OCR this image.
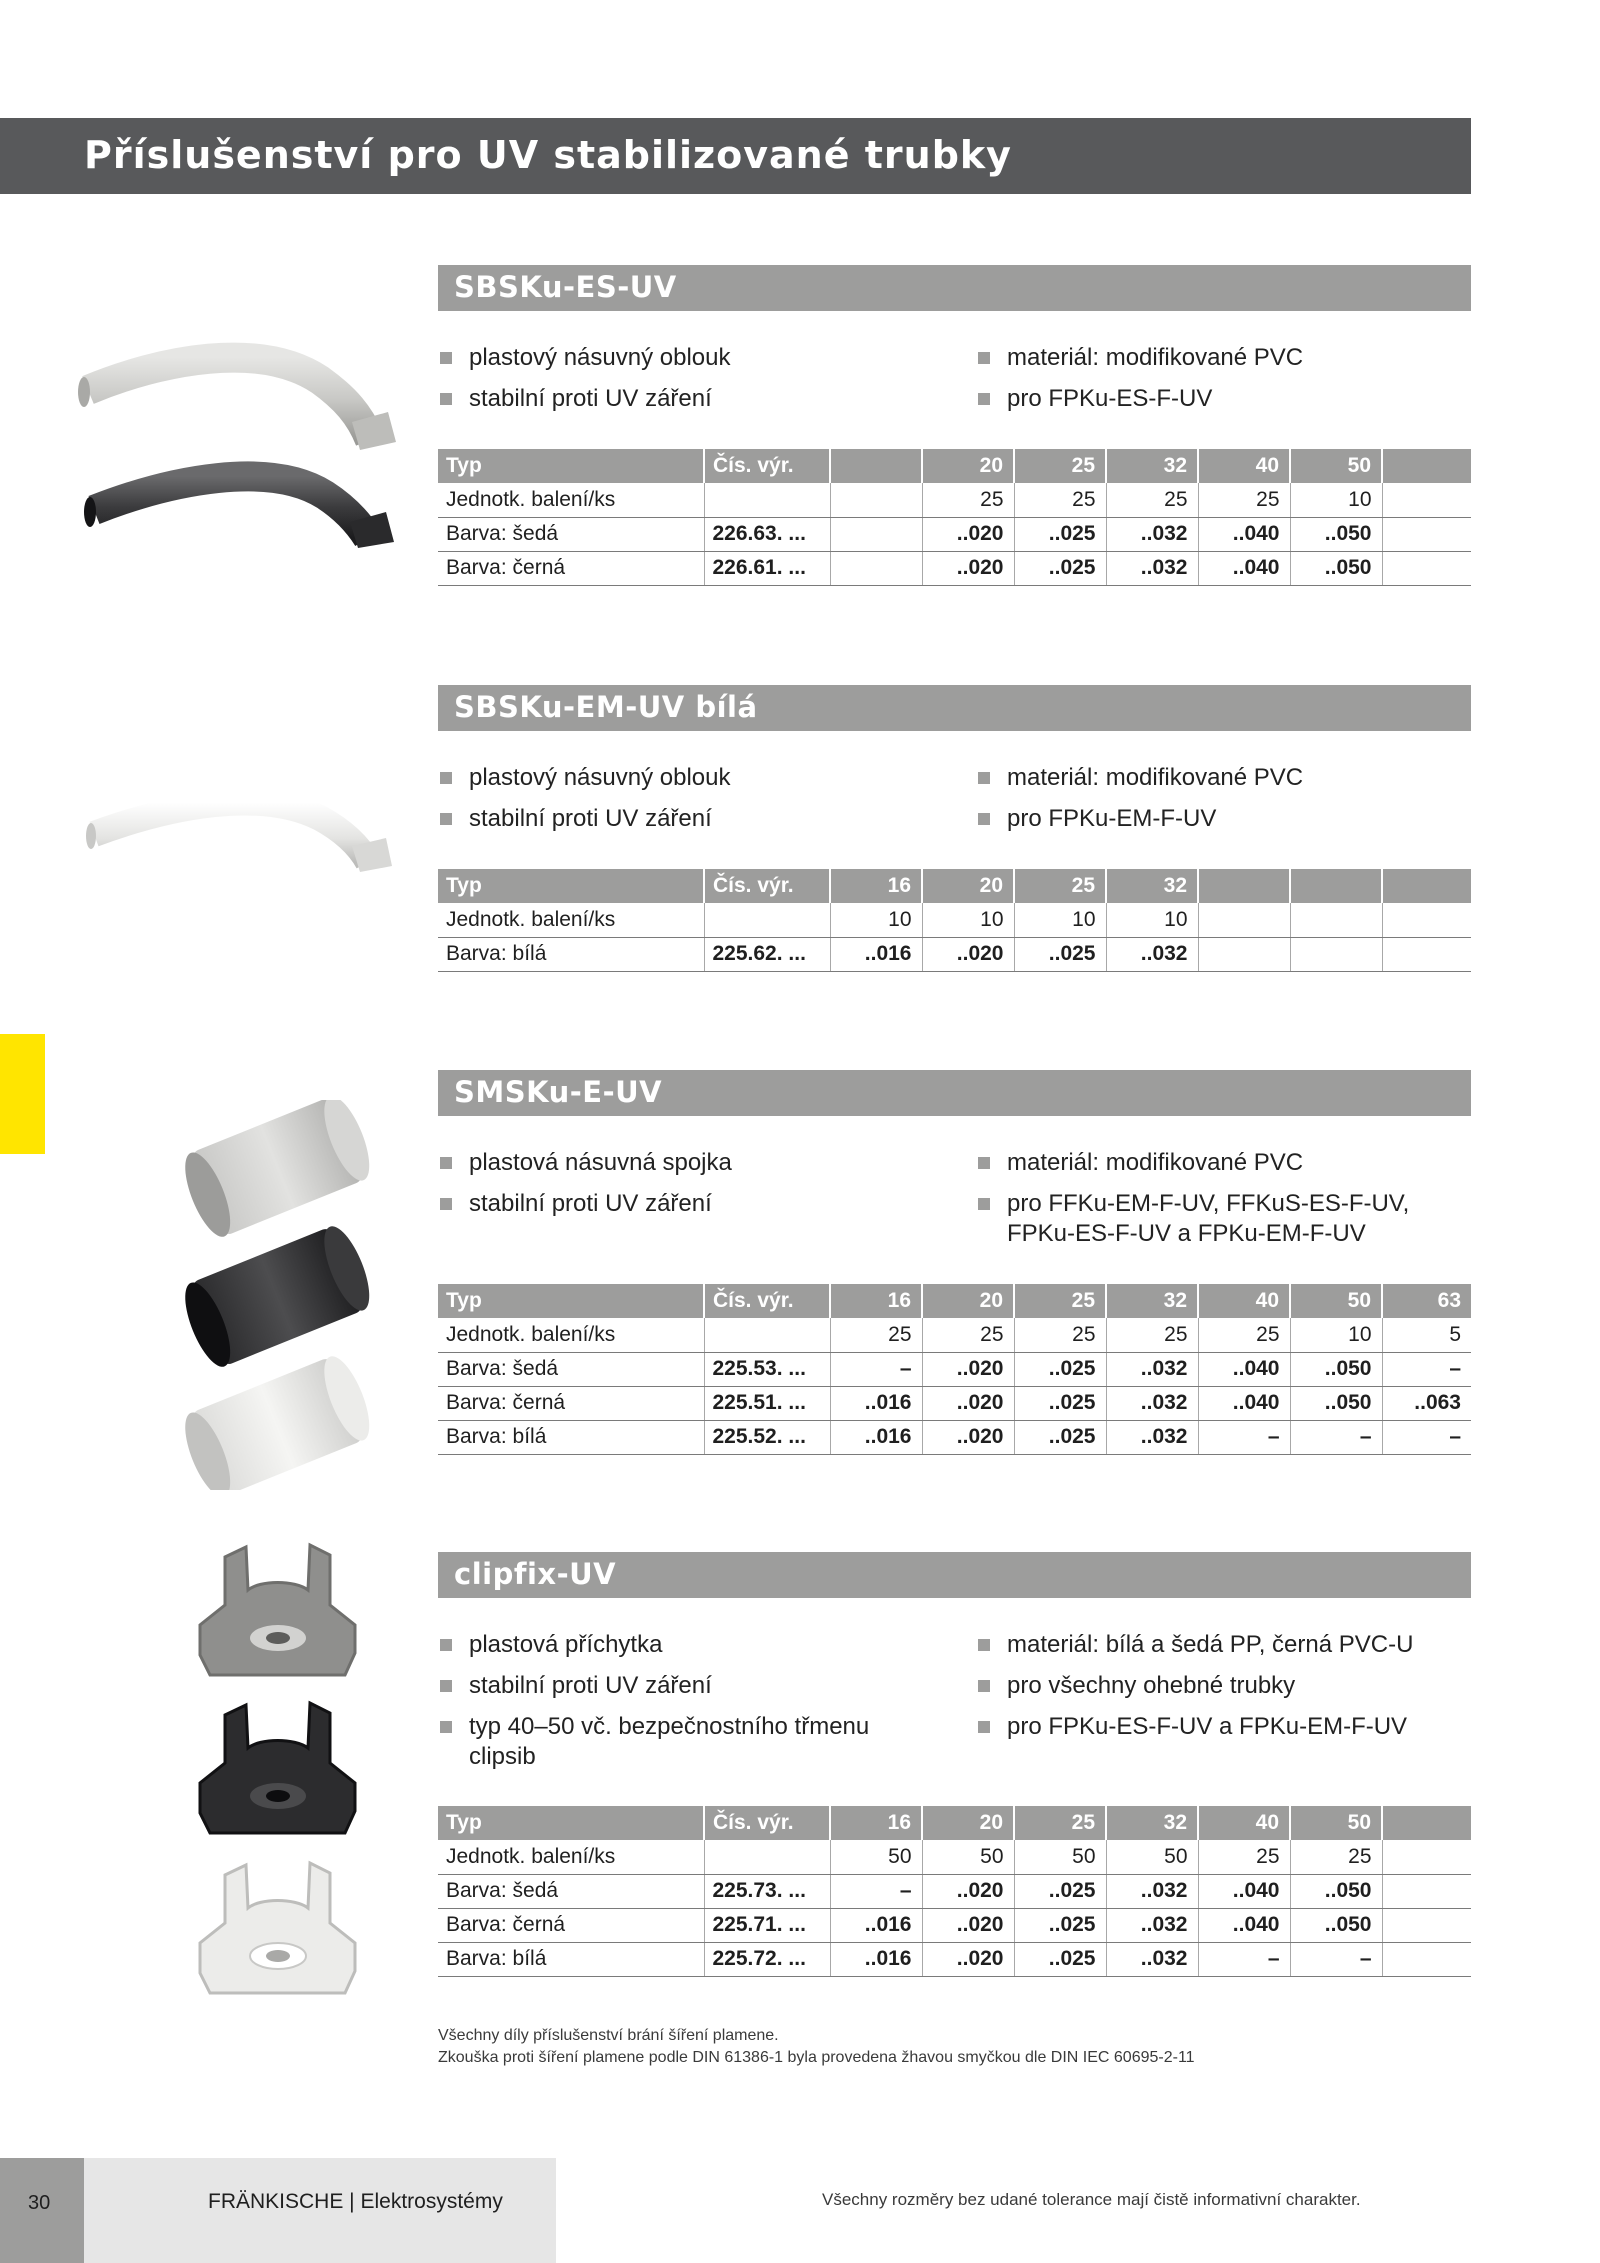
Příslušenství pro UV stabilizované trubky
SBSKu-ES-UV
plastový násuvný oblouk
stabilní proti UV záření
materiál: modifikované PVC
pro FPKu-ES-F-UV
Typ	Čís. výr.		20	25	32	40	50	
Jednotk. balení/ks			25	25	25	25	10	
Barva: šedá	226.63. ...		..020	..025	..032	..040	..050	
Barva: černá	226.61. ...		..020	..025	..032	..040	..050	
SBSKu-EM-UV bílá
plastový násuvný oblouk
stabilní proti UV záření
materiál: modifikované PVC
pro FPKu-EM-F-UV
Typ	Čís. výr.	16	20	25	32			
Jednotk. balení/ks		10	10	10	10			
Barva: bílá	225.62. ...	..016	..020	..025	..032			
SMSKu-E-UV
plastová násuvná spojka
stabilní proti UV záření
materiál: modifikované PVC
pro FFKu-EM-F-UV, FFKuS-ES-F-UV, FPKu-ES-F-UV a FPKu-EM-F-UV
Typ	Čís. výr.	16	20	25	32	40	50	63
Jednotk. balení/ks		25	25	25	25	25	10	5
Barva: šedá	225.53. ...	–	..020	..025	..032	..040	..050	–
Barva: černá	225.51. ...	..016	..020	..025	..032	..040	..050	..063
Barva: bílá	225.52. ...	..016	..020	..025	..032	–	–	–
clipfix-UV
plastová příchytka
stabilní proti UV záření
typ 40–50 vč. bezpečnostního třmenu clipsib
materiál: bílá a šedá PP, černá PVC-U
pro všechny ohebné trubky
pro FPKu-ES-F-UV a FPKu-EM-F-UV
Typ	Čís. výr.	16	20	25	32	40	50	
Jednotk. balení/ks		50	50	50	50	25	25	
Barva: šedá	225.73. ...	–	..020	..025	..032	..040	..050	
Barva: černá	225.71. ...	..016	..020	..025	..032	..040	..050	
Barva: bílá	225.72. ...	..016	..020	..025	..032	–	–	
Všechny díly příslušenství brání šíření plamene.
Zkouška proti šíření plamene podle DIN 61386-1 byla provedena žhavou smyčkou dle DIN IEC 60695-2-11
30	FRÄNKISCHE | Elektrosystémy	Všechny rozměry bez udané tolerance mají čistě informativní charakter.
